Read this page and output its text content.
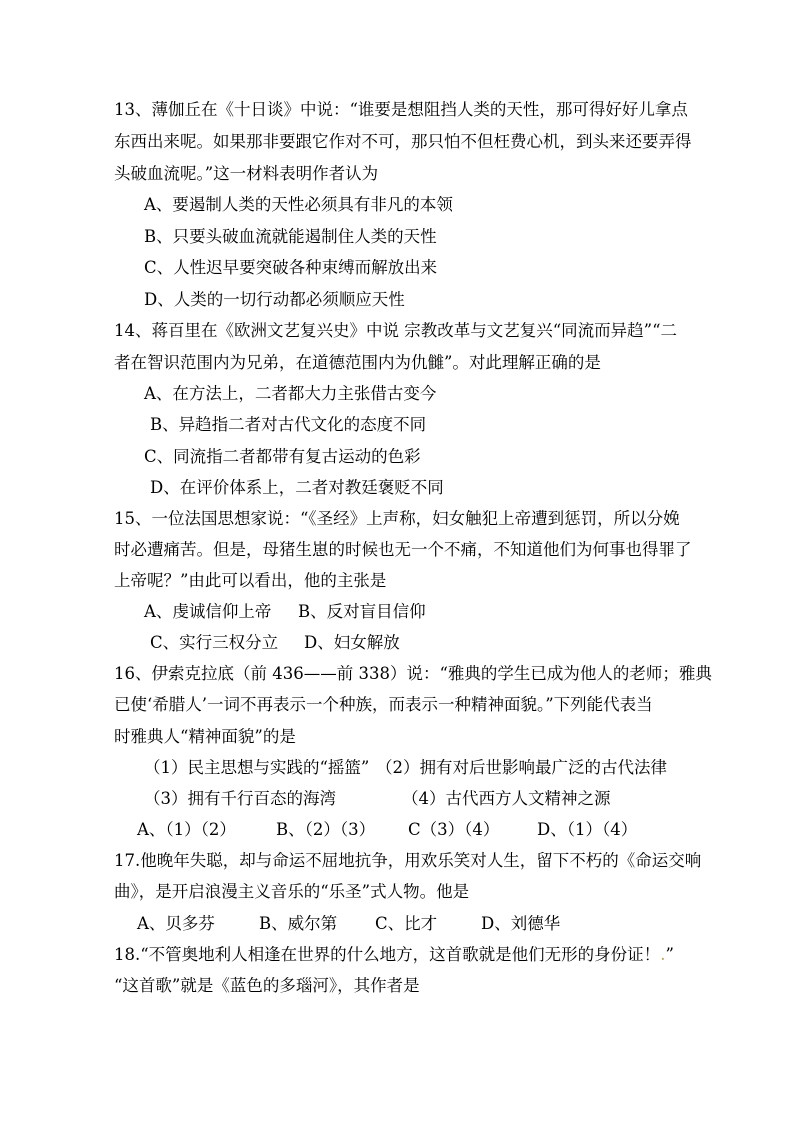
13、薄伽丘在《十日谈》中说：“谁要是想阻挡人类的天性，那可得好好儿拿点
东西出来呢。如果那非要跟它作对不可，那只怕不但枉费心机，到头来还要弄得
头破血流呢。”这一材料表明作者认为
A、要遏制人类的天性必须具有非凡的本领
B、只要头破血流就能遏制住人类的天性
C、人性迟早要突破各种束缚而解放出来
D、人类的一切行动都必须顺应天性
14、蒋百里在《欧洲文艺复兴史》中说 宗教改革与文艺复兴“同流而异趋”“二
者在智识范围内为兄弟，在道德范围内为仇雠”。对此理解正确的是
A、在方法上，二者都大力主张借古变今
B、异趋指二者对古代文化的态度不同
C、同流指二者都带有复古运动的色彩
D、在评价体系上，二者对教廷褒贬不同
15、一位法国思想家说：“《圣经》上声称，妇女触犯上帝遭到惩罚，所以分娩
时必遭痛苦。但是，母猪生崽的时候也无一个不痛，不知道他们为何事也得罪了
上帝呢？”由此可以看出，他的主张是
A、虔诚信仰上帝 B、反对盲目信仰
C、实行三权分立 D、妇女解放
16、伊索克拉底（前 436——前 338）说：“雅典的学生已成为他人的老师；雅典
已使‘希腊人’一词不再表示一个种族，而表示一种精神面貌。”下列能代表当
时雅典人“精神面貌”的是
（1）民主思想与实践的“摇篮” （2）拥有对后世影响最广泛的古代法律
（3）拥有千行百态的海湾	（4）古代西方人文精神之源
A、（1）（2） B、（2）（3） C（3）（4） D、（1）（4）
17.他晚年失聪，却与命运不屈地抗争，用欢乐笑对人生，留下不朽的《命运交响
曲》，是开启浪漫主义音乐的“乐圣”式人物。他是
A、贝多芬	B、威尔第 C、比才	D、刘德华
18.“不管奥地利人相逢在世界的什么地方，这首歌就是他们无形的身份证！.”
“这首歌”就是《蓝色的多瑙河》，其作者是
